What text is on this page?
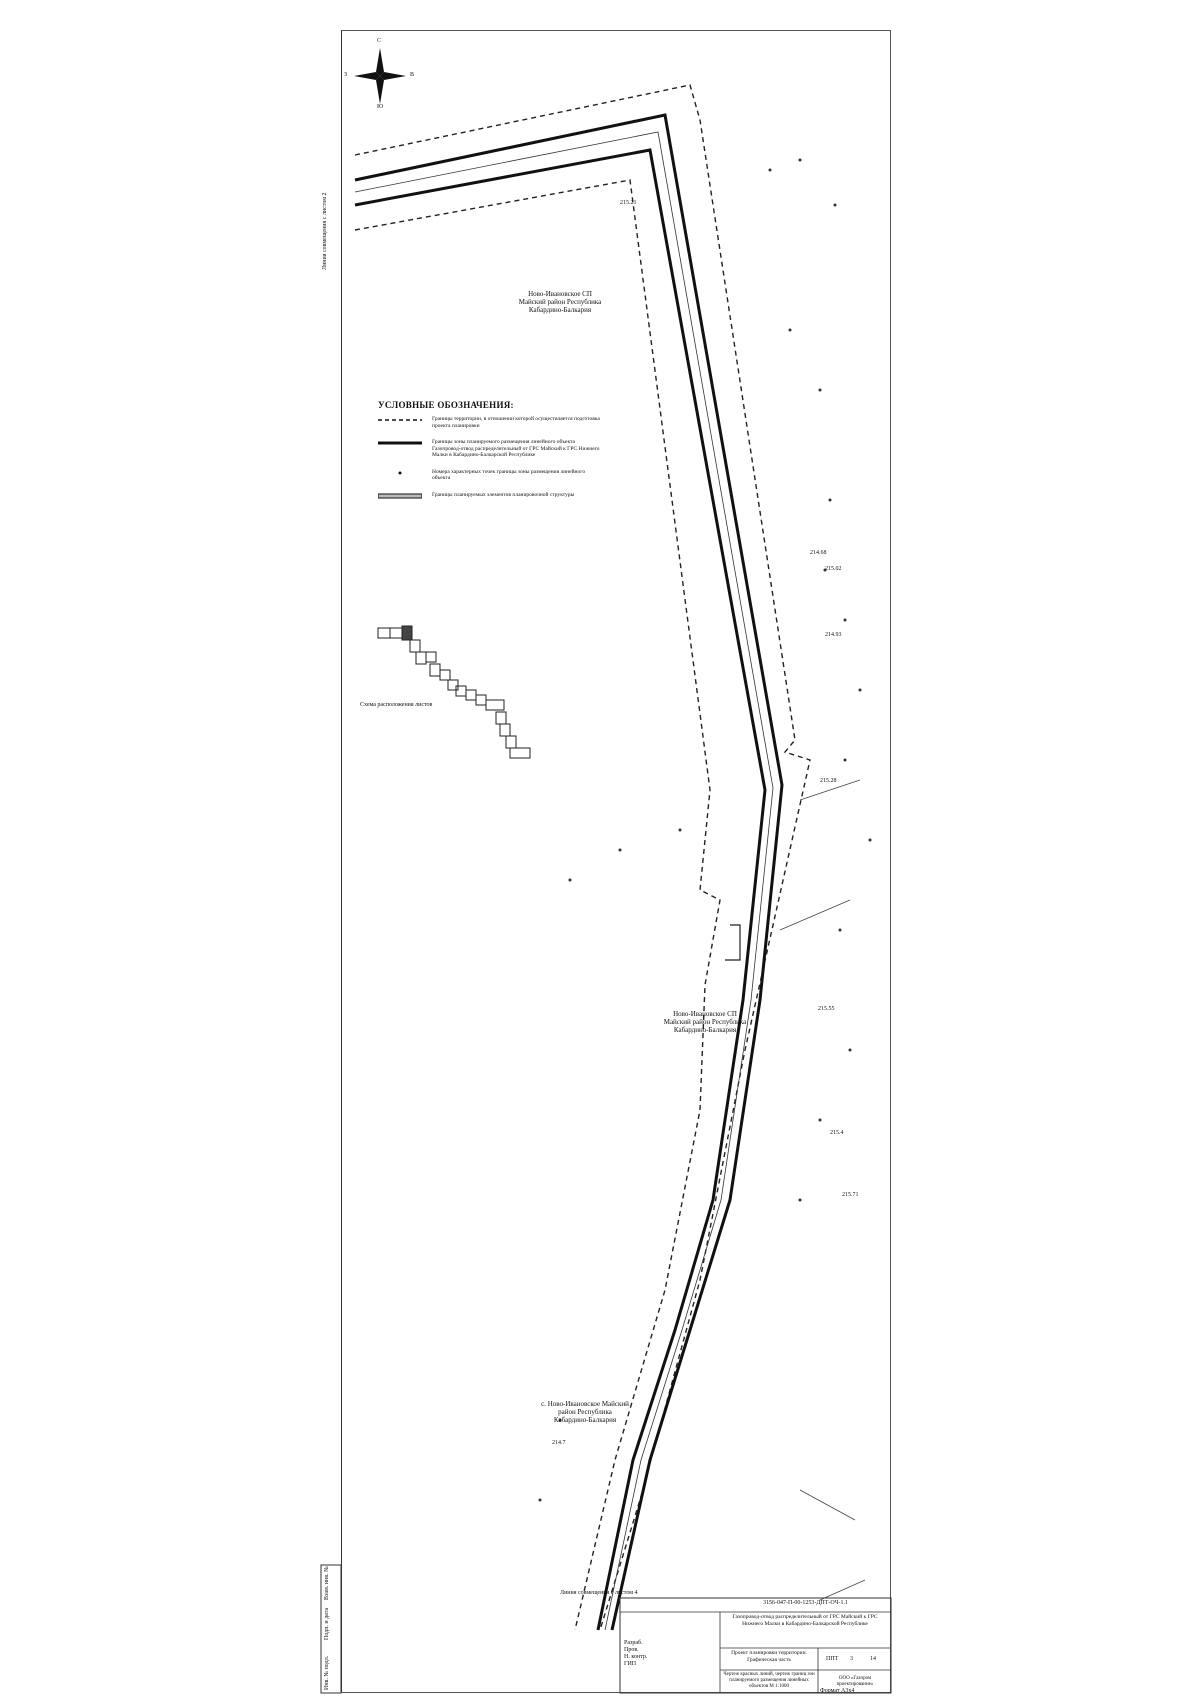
С
Ю
З	В
Линия совмещения с листом 2
Ново-Ивановское СП Майский район Республика Кабардино-Балкария
Ново-Ивановское СП Майский район Республика Кабардино-Балкария
с. Ново-Ивановское Майский район Республика Кабардино-Балкария
215.21
214.68
215.02
214.93
215.28
215.55
215.71
214.7
215.4
УСЛОВНЫЕ ОБОЗНАЧЕНИЯ:
Границы территории, в отношении которой осуществляется подготовка проекта планировки
Границы зоны планируемого размещения линейного объекта Газопровод-отвод распределительный от ГРС Майский к ГРС Нижнего Малки в Кабардино-Балкарской Республике
Номера характерных точек границы зоны размещения линейного объекта
Границы планируемых элементов планировочной структуры
Схема расположения листов
Линия совмещения с листом 4
3156-047-П-00-1253-ДПТ-ОЧ-1.1
Газопровод-отвод распределительный от ГРС Майский к ГРС Нижнего Малки в Кабардино-Балкарской Республике
Проект планировки территории. Графическая часть	ППТ 3	14
Чертеж красных линий, чертеж границ зон планируемого размещения линейных объектов М 1:1000
ООО «Газпром проектирование»
Формат А3х4
Разраб.
Пров.
Н. контр.
ГИП
Инв. № подл.
Подп. и дата
Взам. инв. №
